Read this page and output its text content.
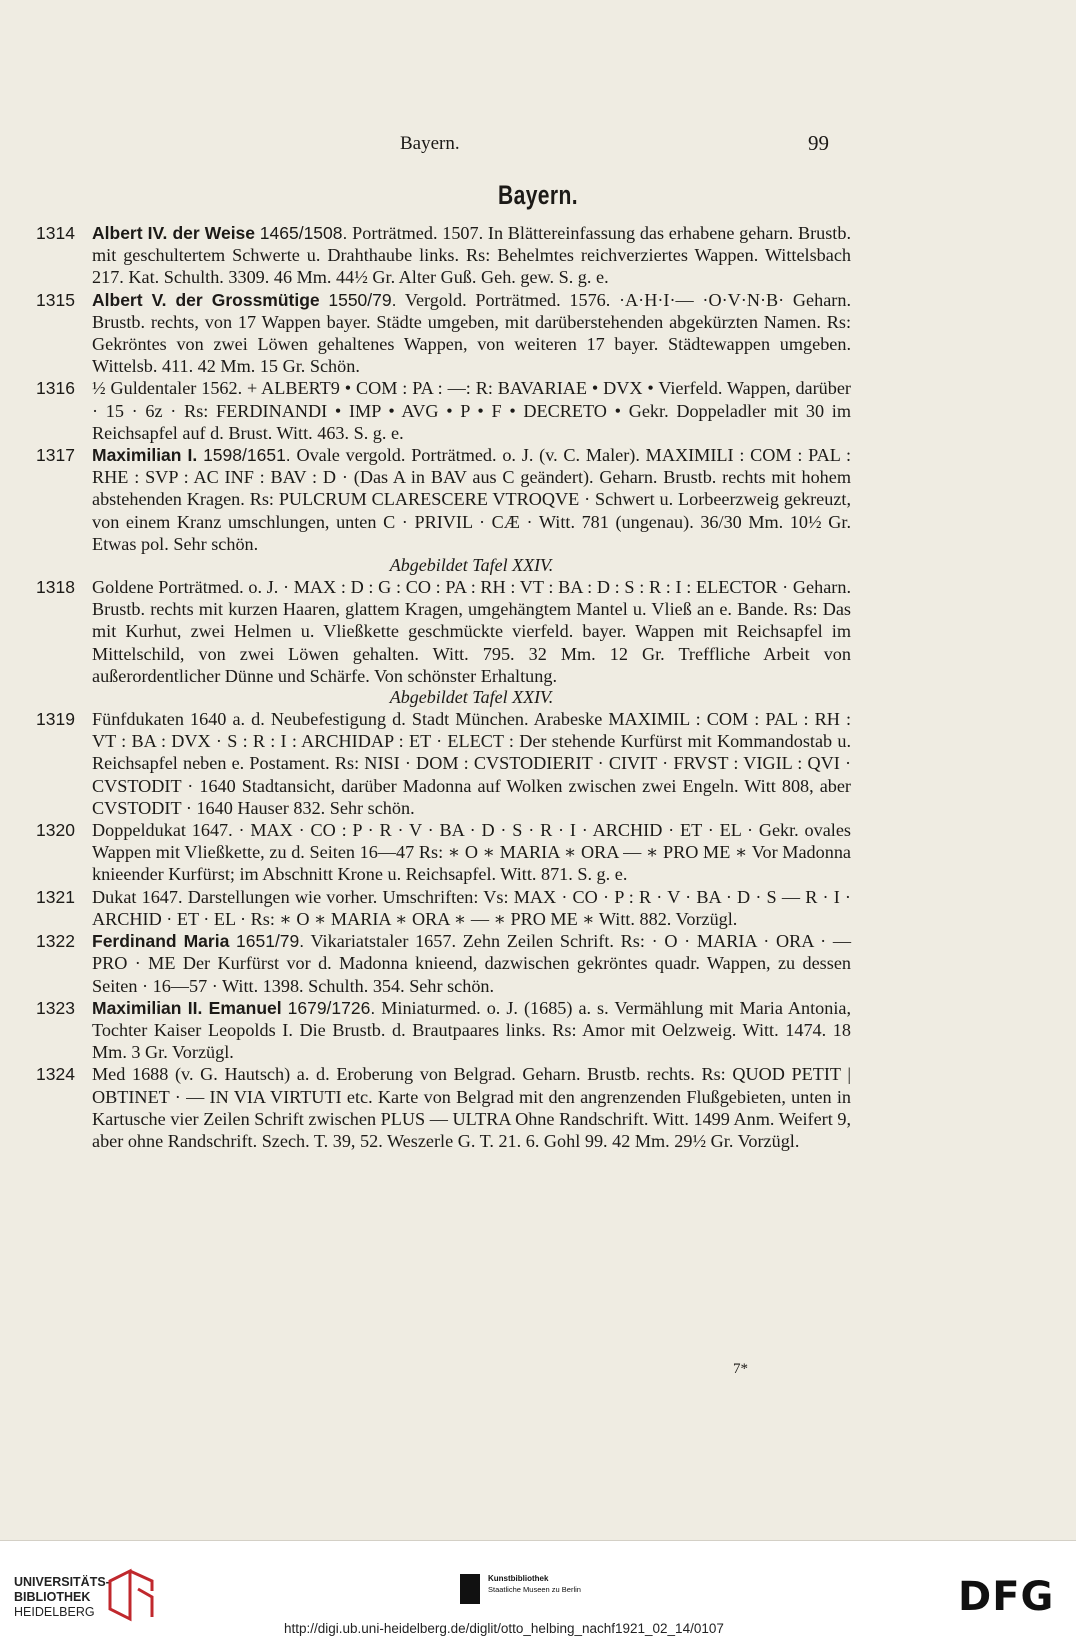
Bayern.	99
Bayern.
1314 Albert IV. der Weise 1465/1508. Porträtmed. 1507. In Blättereinfassung das erhabene geharn. Brustb. mit geschultertem Schwerte u. Drahthaube links. Rs: Behelmtes reichverziertes Wappen. Wittelsbach 217. Kat. Schulth. 3309. 46 Mm. 44½ Gr. Alter Guß. Geh. gew. S. g. e.
1315 Albert V. der Grossmütige 1550/79. Vergold. Porträtmed. 1576. ·A·H·I·— ·O·V·N·B· Geharn. Brustb. rechts, von 17 Wappen bayer. Städte umgeben, mit darüberstehenden abgekürzten Namen. Rs: Gekröntes von zwei Löwen gehaltenes Wappen, von weiteren 17 bayer. Städtewappen umgeben. Wittelsb. 411. 42 Mm. 15 Gr. Schön.
1316 ½ Guldentaler 1562. + ALBERT9 • COM : PA : —: R: BAVARIAE • DVX • Vierfeld. Wappen, darüber · 15 · 6z · Rs: FERDINANDI • IMP • AVG • P • F • DECRETO • Gekr. Doppeladler mit 30 im Reichsapfel auf d. Brust. Witt. 463. S. g. e.
1317 Maximilian I. 1598/1651. Ovale vergold. Porträtmed. o. J. (v. C. Maler). MAXIMILI : COM : PAL : RHE : SVP : AC INF : BAV : D · (Das A in BAV aus C geändert). Geharn. Brustb. rechts mit hohem abstehenden Kragen. Rs: PULCRUM CLARESCERE VTROQVE · Schwert u. Lorbeerzweig gekreuzt, von einem Kranz umschlungen, unten C · PRIVIL · CÆ · Witt. 781 (ungenau). 36/30 Mm. 10½ Gr. Etwas pol. Sehr schön.
Abgebildet Tafel XXIV.
1318 Goldene Porträtmed. o. J. · MAX : D : G : CO : PA : RH : VT : BA : D : S : R : I : ELECTOR · Geharn. Brustb. rechts mit kurzen Haaren, glattem Kragen, umgehängtem Mantel u. Vließ an e. Bande. Rs: Das mit Kurhut, zwei Helmen u. Vließkette geschmückte vierfeld. bayer. Wappen mit Reichsapfel im Mittelschild, von zwei Löwen gehalten. Witt. 795. 32 Mm. 12 Gr. Treffliche Arbeit von außerordentlicher Dünne und Schärfe. Von schönster Erhaltung.
Abgebildet Tafel XXIV.
1319 Fünfdukaten 1640 a. d. Neubefestigung d. Stadt München. Arabeske MAXIMIL : COM : PAL : RH : VT : BA : DVX · S : R : I : ARCHIDAP : ET · ELECT : Der stehende Kurfürst mit Kommandostab u. Reichsapfel neben e. Postament. Rs: NISI · DOM : CVSTODIERIT · CIVIT · FRVST : VIGIL : QVI · CVSTODIT · 1640 Stadtansicht, darüber Madonna auf Wolken zwischen zwei Engeln. Witt 808, aber CVSTODIT · 1640 Hauser 832. Sehr schön.
1320 Doppeldukat 1647. · MAX · CO : P · R · V · BA · D · S · R · I · ARCHID · ET · EL · Gekr. ovales Wappen mit Vließkette, zu d. Seiten 16—47 Rs: ∗ O ∗ MARIA ∗ ORA — ∗ PRO ME ∗ Vor Madonna knieender Kurfürst; im Abschnitt Krone u. Reichsapfel. Witt. 871. S. g. e.
1321 Dukat 1647. Darstellungen wie vorher. Umschriften: Vs: MAX · CO · P : R · V · BA · D · S — R · I · ARCHID · ET · EL · Rs: ∗ O ∗ MARIA ∗ ORA ∗ — ∗ PRO ME ∗ Witt. 882. Vorzügl.
1322 Ferdinand Maria 1651/79. Vikariatstaler 1657. Zehn Zeilen Schrift. Rs: · O · MARIA · ORA · — PRO · ME Der Kurfürst vor d. Madonna knieend, dazwischen gekröntes quadr. Wappen, zu dessen Seiten · 16—57 · Witt. 1398. Schulth. 354. Sehr schön.
1323 Maximilian II. Emanuel 1679/1726. Miniaturmed. o. J. (1685) a. s. Vermählung mit Maria Antonia, Tochter Kaiser Leopolds I. Die Brustb. d. Brautpaares links. Rs: Amor mit Oelzweig. Witt. 1474. 18 Mm. 3 Gr. Vorzügl.
1324 Med 1688 (v. G. Hautsch) a. d. Eroberung von Belgrad. Geharn. Brustb. rechts. Rs: QUOD PETIT | OBTINET · — IN VIA VIRTUTI etc. Karte von Belgrad mit den angrenzenden Flußgebieten, unten in Kartusche vier Zeilen Schrift zwischen PLUS — ULTRA Ohne Randschrift. Witt. 1499 Anm. Weifert 9, aber ohne Randschrift. Szech. T. 39, 52. Weszerle G. T. 21. 6. Gohl 99. 42 Mm. 29½ Gr. Vorzügl.
7*
UNIVERSITÄTS-
BIBLIOTHEK
HEIDELBERG
Kunstbibliothek
Staatliche Museen zu Berlin	DFG
http://digi.ub.uni-heidelberg.de/diglit/otto_helbing_nachf1921_02_14/0107
